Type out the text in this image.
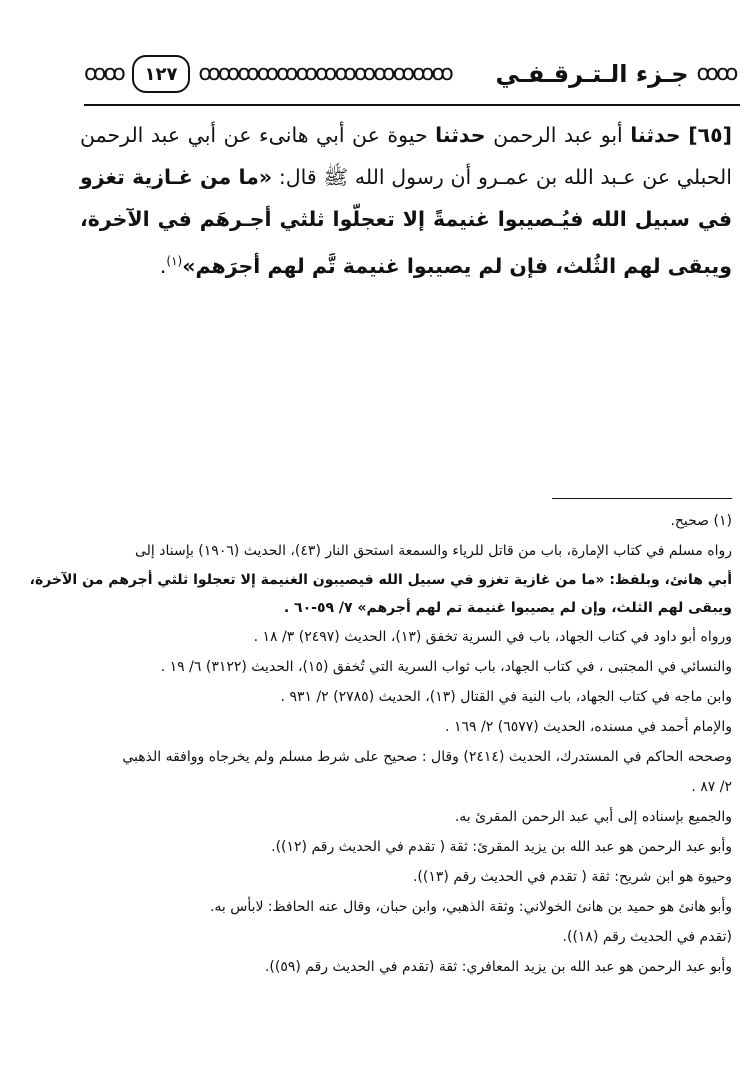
ꝏꝏ	١٢٧ ꝏꝏꝏꝏꝏꝏꝏꝏꝏꝏꝏꝏꝏ	جـزء الـتـرقـفـي ꝏꝏ
[٦٥] حدثنا أبو عبد الرحمن حدثنا حيوة عن أبي هانىء عن أبي عبد الرحمن الحبلي عن عـبد الله بن عمـرو أن رسول الله ﷺ قال: «ما من غـازية تغزو في سبيل الله فيُـصيبوا غنيمةً إلا تعجلّوا ثلثي أجـرهَم في الآخرة، ويبقى لهم الثُلث، فإن لم يصيبوا غنيمة تَّم لهم أجرَهم»$^{(١)}$.
(١) صحيح.
رواه مسلم في كتاب الإمارة، باب من قاتل للرياء والسمعة استحق النار (٤٣)، الحديث (١٩٠٦) بإسناد إلى
أبي هانئ، وبلفظ: «ما من غازية تغزو في سبيل الله فيصيبون الغنيمة إلا تعجلوا ثلثي أجرهم من الآخرة،
ويبقى لهم الثلث، وإن لم يصيبوا غنيمة تم لهم أجرهم» ٧/ ٥٩-٦٠ .
ورواه أبو داود في كتاب الجهاد، باب في السرية تخفق (١٣)، الحديث (٢٤٩٧) ٣/ ١٨ .
والنسائي في المجتبى ، في كتاب الجهاد، باب ثواب السرية التي تُخفق (١٥)، الحديث (٣١٢٢) ٦/ ١٩ .
وابن ماجه في كتاب الجهاد، باب النية في القتال (١٣)، الحديث (٢٧٨٥) ٢/ ٩٣١ .
والإمام أحمد في مسنده، الحديث (٦٥٧٧) ٢/ ١٦٩ .
وصححه الحاكم في المستدرك، الحديث (٢٤١٤) وقال : صحيح على شرط مسلم ولم يخرجاه ووافقه الذهبي
٢/ ٨٧ .
والجميع بإسناده إلى أبي عبد الرحمن المقرئ به.
وأبو عبد الرحمن هو عبد الله بن يزيد المقرئ: ثقة ( تقدم في الحديث رقم (١٢)).
وحيوة هو ابن شريح: ثقة ( تقدم في الحديث رقم (١٣)).
وأبو هانئ هو حميد بن هانئ الخولاني: وثقة الذهبي، وابن حبان، وقال عنه الحافظ: لابأس به.
(تقدم في الحديث رقم (١٨)).
وأبو عبد الرحمن هو عبد الله بن يزيد المعافري: ثقة (تقدم في الحديث رقم (٥٩)).
